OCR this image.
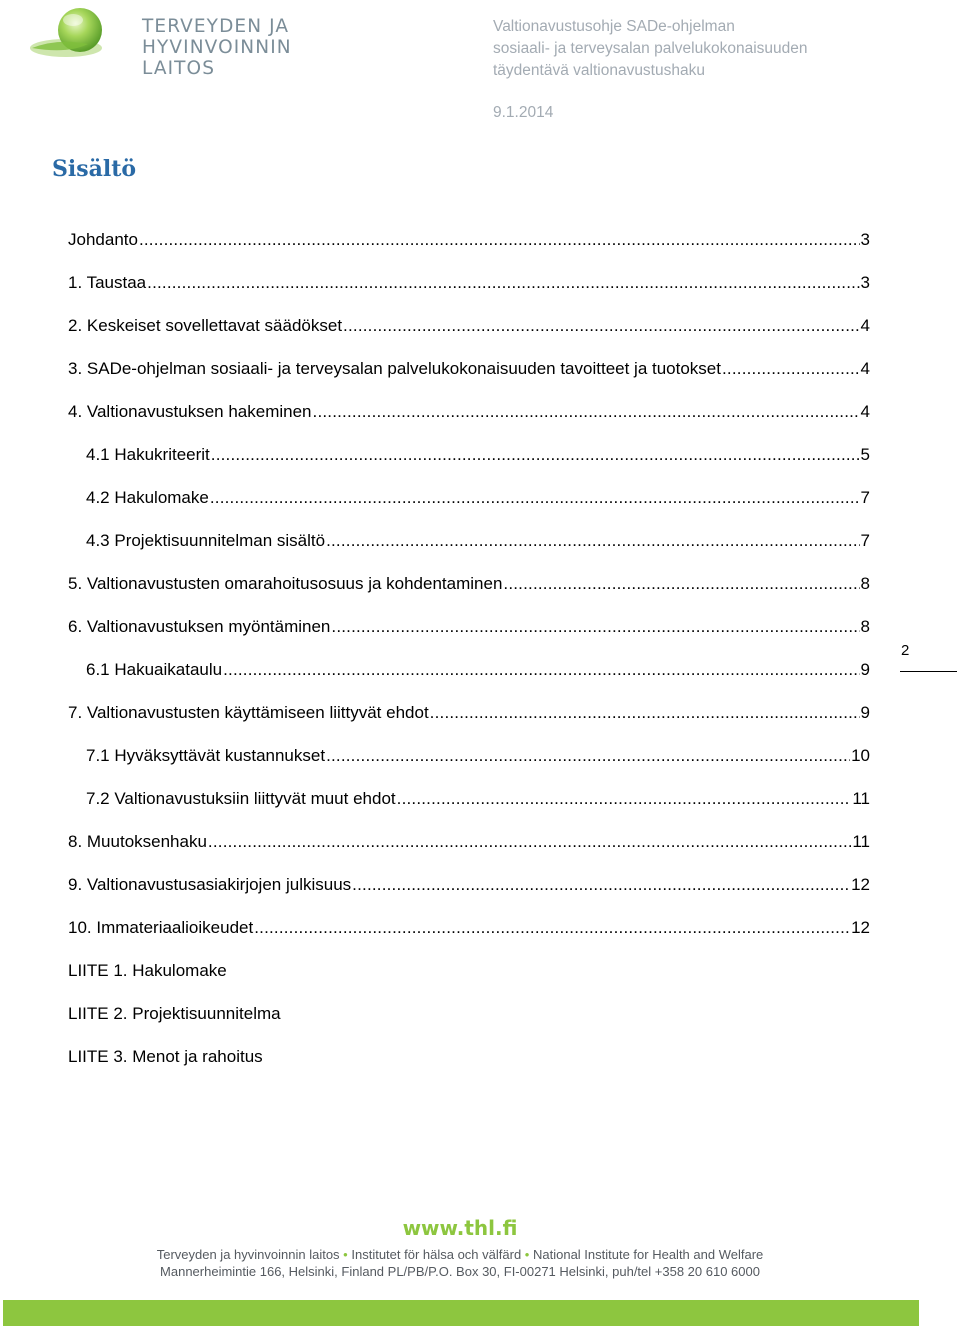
TERVEYDEN JA
HYVINVOINNIN LAITOS
Valtionavustusohje SADe-ohjelman
sosiaali- ja terveysalan palvelukokonaisuuden
täydentävä valtionavustushaku
9.1.2014
Sisältö
Johdanto .....	3
1. Taustaa .....	3
2. Keskeiset sovellettavat säädökset .....	4
3. SADe-ohjelman sosiaali- ja terveysalan palvelukokonaisuuden tavoitteet ja tuotokset .....	4
4. Valtionavustuksen hakeminen .....	4
4.1 Hakukriteerit .....	5
4.2 Hakulomake .....	7
4.3 Projektisuunnitelman sisältö .....	7
5. Valtionavustusten omarahoitusosuus ja kohdentaminen .....	8
6. Valtionavustuksen myöntäminen .....	8
6.1 Hakuaikataulu .....	9
7. Valtionavustusten käyttämiseen liittyvät ehdot .....	9
7.1 Hyväksyttävät kustannukset .....	10
7.2 Valtionavustuksiin liittyvät muut ehdot .....	11
8. Muutoksenhaku .....	11
9. Valtionavustusasiakirjojen julkisuus .....	12
10. Immateriaalioikeudet .....	12
LIITE 1. Hakulomake
LIITE 2. Projektisuunnitelma
LIITE 3. Menot ja rahoitus
2
www.thl.fi
Terveyden ja hyvinvoinnin laitos • Institutet för hälsa och välfärd • National Institute for Health and Welfare
Mannerheimintie 166, Helsinki, Finland PL/PB/P.O. Box 30, FI-00271 Helsinki, puh/tel +358 20 610 6000
